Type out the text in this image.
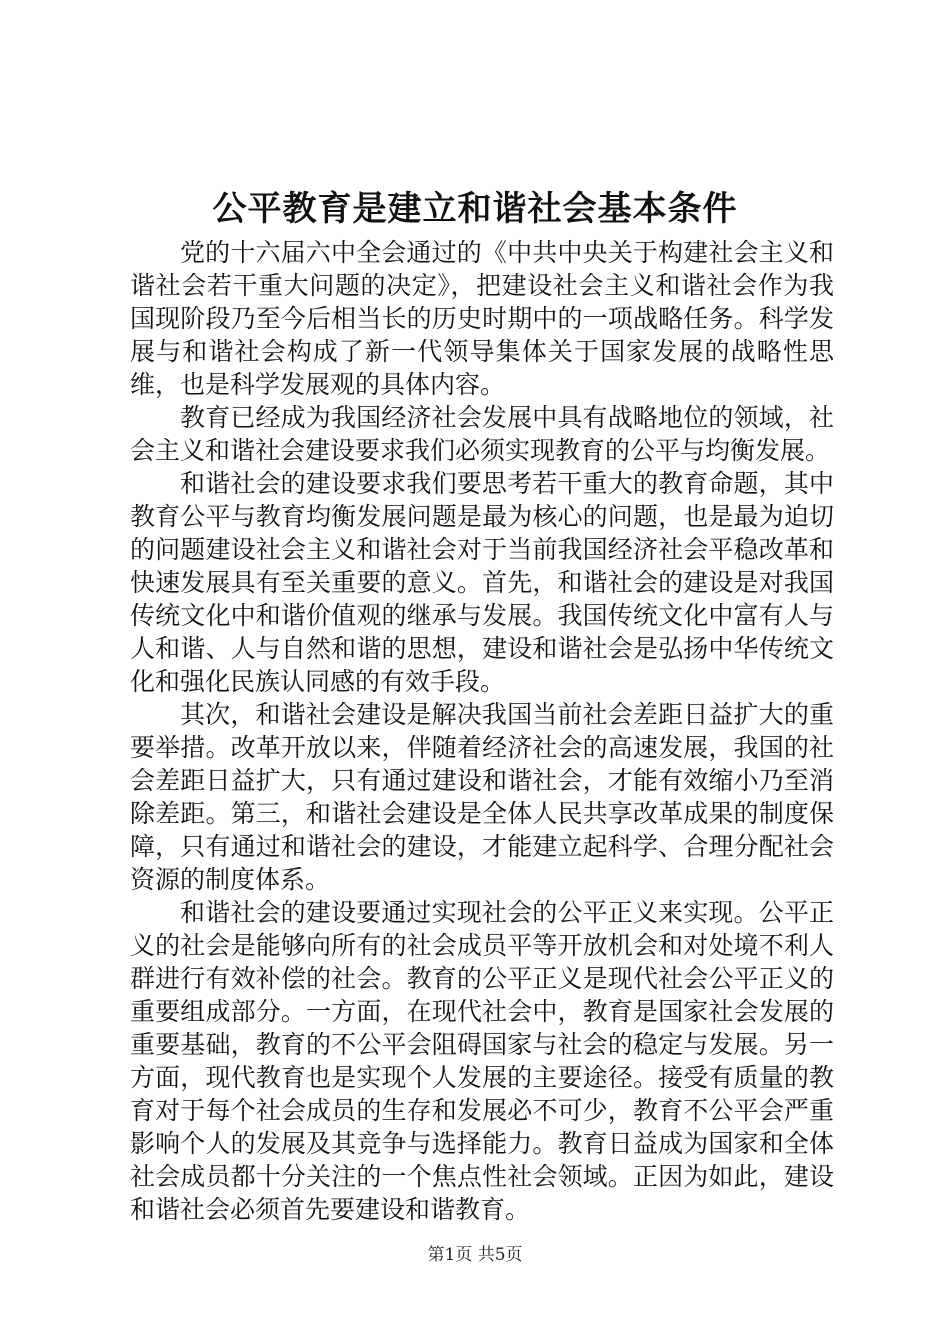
公平教育是建立和谐社会基本条件

党的十六届六中全会通过的《中共中央关于构建社会主义和谐社会若干重大问题的决定》，把建设社会主义和谐社会作为我国现阶段乃至今后相当长的历史时期中的一项战略任务。科学发展与和谐社会构成了新一代领导集体关于国家发展的战略性思维，也是科学发展观的具体内容。

教育已经成为我国经济社会发展中具有战略地位的领域，社会主义和谐社会建设要求我们必须实现教育的公平与均衡发展。

和谐社会的建设要求我们要思考若干重大的教育命题，其中教育公平与教育均衡发展问题是最为核心的问题，也是最为迫切的问题建设社会主义和谐社会对于当前我国经济社会平稳改革和快速发展具有至关重要的意义。首先，和谐社会的建设是对我国传统文化中和谐价值观的继承与发展。我国传统文化中富有人与人和谐、人与自然和谐的思想，建设和谐社会是弘扬中华传统文化和强化民族认同感的有效手段。

其次，和谐社会建设是解决我国当前社会差距日益扩大的重要举措。改革开放以来，伴随着经济社会的高速发展，我国的社会差距日益扩大，只有通过建设和谐社会，才能有效缩小乃至消除差距。第三，和谐社会建设是全体人民共享改革成果的制度保障，只有通过和谐社会的建设，才能建立起科学、合理分配社会资源的制度体系。

和谐社会的建设要通过实现社会的公平正义来实现。公平正义的社会是能够向所有的社会成员平等开放机会和对处境不利人群进行有效补偿的社会。教育的公平正义是现代社会公平正义的重要组成部分。一方面，在现代社会中，教育是国家社会发展的重要基础，教育的不公平会阻碍国家与社会的稳定与发展。另一方面，现代教育也是实现个人发展的主要途径。接受有质量的教育对于每个社会成员的生存和发展必不可少，教育不公平会严重影响个人的发展及其竞争与选择能力。教育日益成为国家和全体社会成员都十分关注的一个焦点性社会领域。正因为如此，建设和谐社会必须首先要建设和谐教育。

第1页 共5页
